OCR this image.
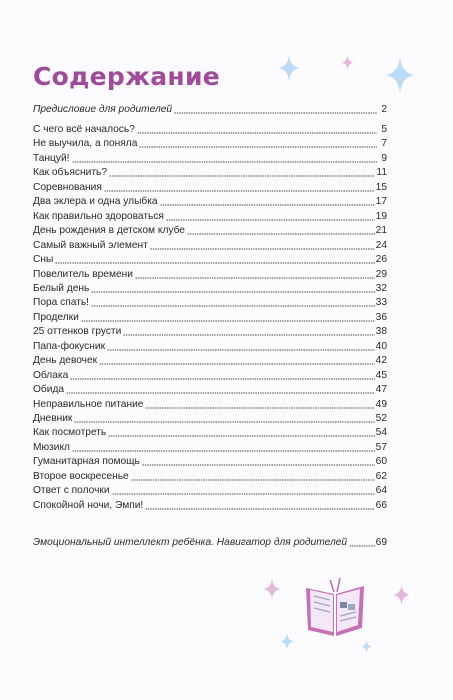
Содержание
Предисловие для родителей	2
С чего всё началось?	5
Не выучила, а поняла	7
Танцуй!	9
Как объяснить?	11
Соревнования	15
Два эклера и одна улыбка	17
Как правильно здороваться	19
День рождения в детском клубе	21
Самый важный элемент	24
Сны	26
Повелитель времени	29
Белый день	32
Пора спать!	33
Проделки	36
25 оттенков грусти	38
Папа-фокусник	40
День девочек	42
Облака	45
Обида	47
Неправильное питание	49
Дневник	52
Как посмотреть	54
Мюзикл	57
Гуманитарная помощь	60
Второе воскресенье	62
Ответ с полочки	64
Спокойной ночи, Эмпи!	66
Эмоциональный интеллект ребёнка. Навигатор для родителей	69
